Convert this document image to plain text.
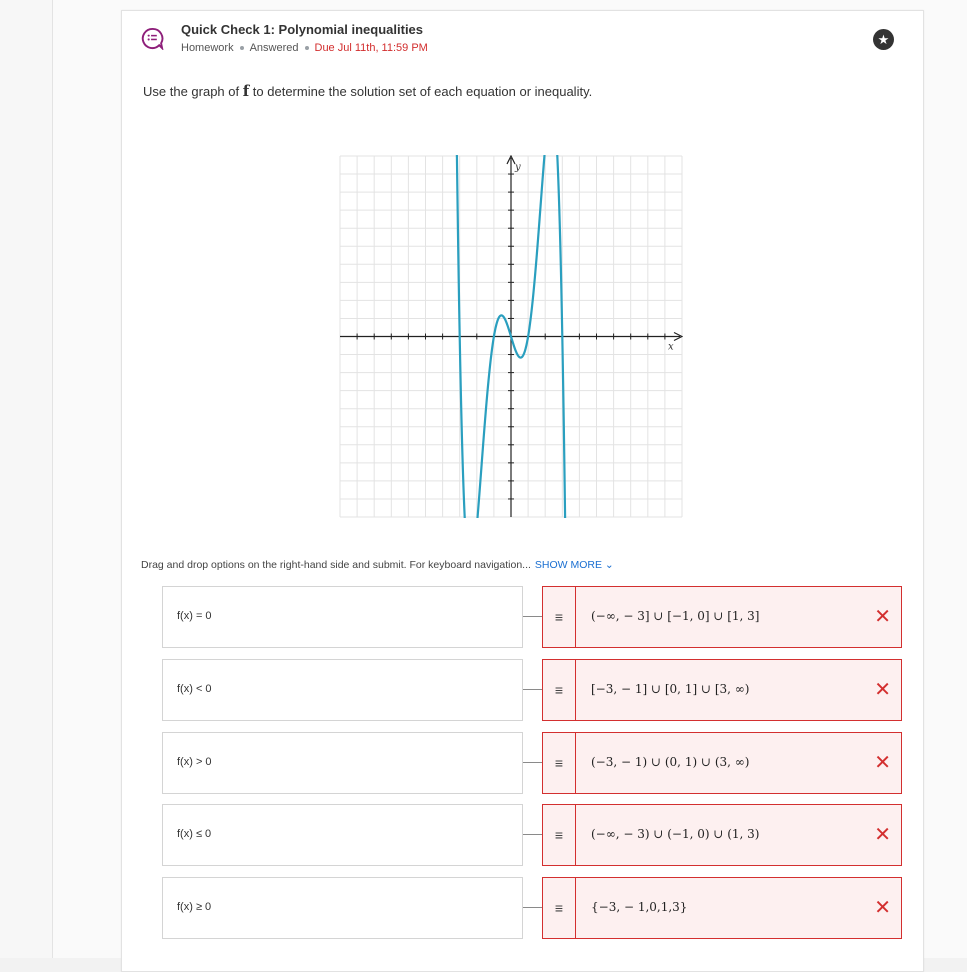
Quick Check 1: Polynomial inequalities
Homework Answered Due Jul 11th, 11:59 PM
★
Use the graph of f to determine the solution set of each equation or inequality.
x
y
Drag and drop options on the right-hand side and submit. For keyboard navigation... SHOW MORE ⌄
f(x) = 0	≡	(−∞, − 3] ∪ [−1, 0] ∪ [1, 3]	✕
f(x) < 0	≡	[−3, − 1] ∪ [0, 1] ∪ [3, ∞)	✕
f(x) > 0	≡	(−3, − 1) ∪ (0, 1) ∪ (3, ∞)	✕
f(x) ≤ 0	≡	(−∞, − 3) ∪ (−1, 0) ∪ (1, 3)	✕
f(x) ≥ 0	≡	{−3, − 1,0,1,3}	✕
